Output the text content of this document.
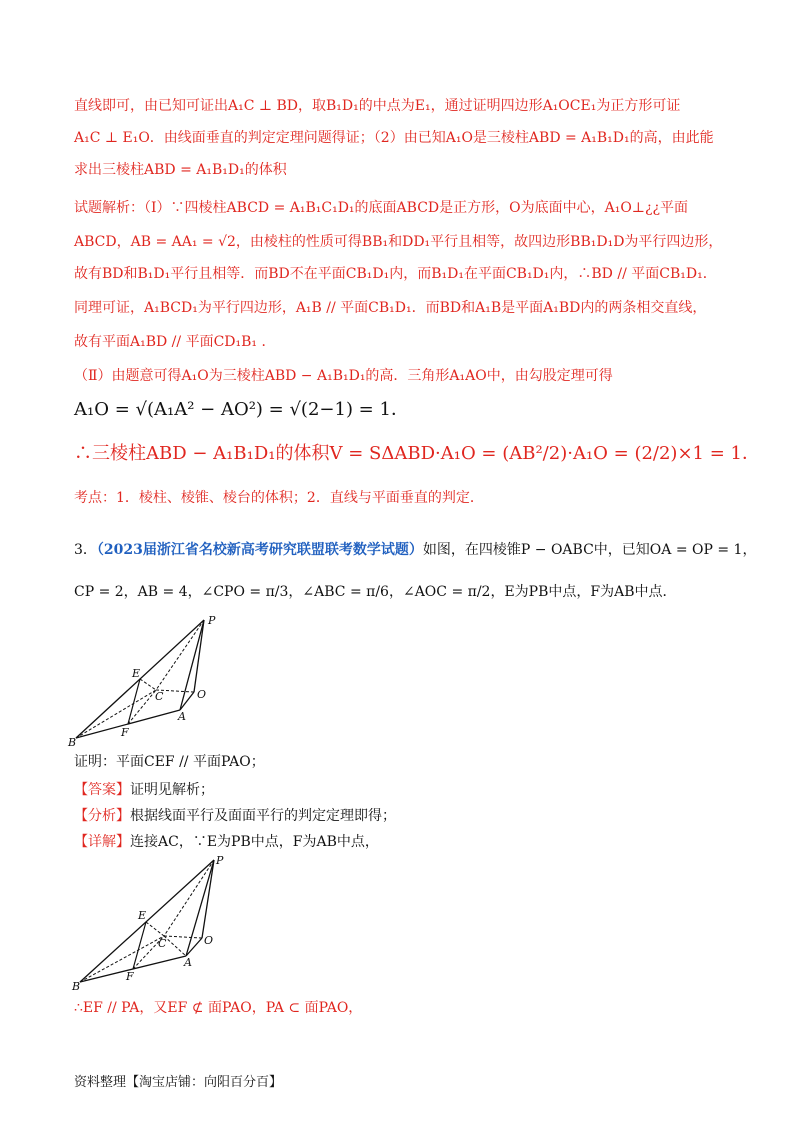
直线即可，由已知可证出A₁C ⊥ BD，取B₁D₁的中点为E₁，通过证明四边形A₁OCE₁为正方形可证
A₁C ⊥ E₁O．由线面垂直的判定定理问题得证；（2）由已知A₁O是三棱柱ABD = A₁B₁D₁的高，由此能
求出三棱柱ABD = A₁B₁D₁的体积
试题解析：（Ⅰ）∵四棱柱ABCD = A₁B₁C₁D₁的底面ABCD是正方形，O为底面中心，A₁O⊥¿¿平面
ABCD，AB = AA₁ = √2，由棱柱的性质可得BB₁和DD₁平行且相等，故四边形BB₁D₁D为平行四边形，
故有BD和B₁D₁平行且相等．而BD不在平面CB₁D₁内，而B₁D₁在平面CB₁D₁内，∴BD // 平面CB₁D₁．
同理可证，A₁BCD₁为平行四边形，A₁B // 平面CB₁D₁．而BD和A₁B是平面A₁BD内的两条相交直线，
故有平面A₁BD // 平面CD₁B₁ ．
（Ⅱ）由题意可得A₁O为三棱柱ABD − A₁B₁D₁的高．三角形A₁AO中，由勾股定理可得
A₁O = √(A₁A² − AO²) = √(2−1) = 1．
∴三棱柱ABD − A₁B₁D₁的体积V = SΔABD·A₁O = (AB²/2)·A₁O = (2/2)×1 = 1．
考点：1．棱柱、棱锥、棱台的体积；2．直线与平面垂直的判定．
3．（2023届浙江省名校新高考研究联盟联考数学试题）如图，在四棱锥P − OABC中，已知OA = OP = 1，
CP = 2，AB = 4，∠CPO = π/3，∠ABC = π/6，∠AOC = π/2，E为PB中点，F为AB中点．
P
E
C	O
A
F
B
证明：平面CEF // 平面PAO；
【答案】证明见解析；
【分析】根据线面平行及面面平行的判定定理即得；
【详解】连接AC，∵E为PB中点，F为AB中点，
P
E
C	O
A
F
B
∴EF // PA，又EF ⊄ 面PAO，PA ⊂ 面PAO，
资料整理【淘宝店铺：向阳百分百】
